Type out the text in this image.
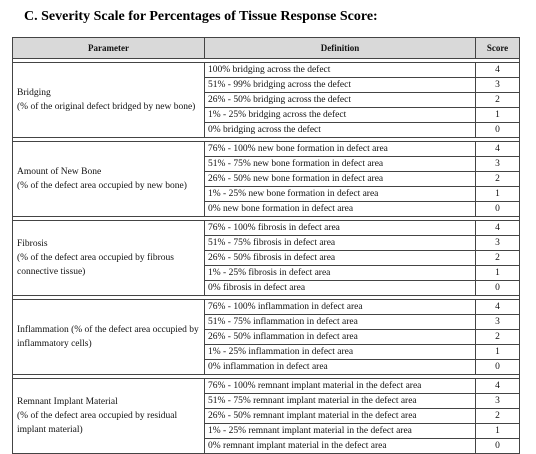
C. Severity Scale for Percentages of Tissue Response Score:
Parameter	Definition	Score

Bridging
(% of the original defect bridged by new bone)	100% bridging across the defect	4
	51% - 99% bridging across the defect	3
	26% - 50% bridging across the defect	2
	1% - 25% bridging across the defect	1
	0% bridging across the defect	0

Amount of New Bone
(% of the defect area occupied by new bone)	76% - 100% new bone formation in defect area	4
	51% - 75% new bone formation in defect area	3
	26% - 50% new bone formation in defect area	2
	1% - 25% new bone formation in defect area	1
	0% new bone formation in defect area	0

Fibrosis
(% of the defect area occupied by fibrous connective tissue)	76% - 100% fibrosis in defect area	4
	51% - 75% fibrosis in defect area	3
	26% - 50% fibrosis in defect area	2
	1% - 25% fibrosis in defect area	1
	0% fibrosis in defect area	0

Inflammation (% of the defect area occupied by inflammatory cells)	76% - 100% inflammation in defect area	4
	51% - 75% inflammation in defect area	3
	26% - 50% inflammation in defect area	2
	1% - 25% inflammation in defect area	1
	0% inflammation in defect area	0

Remnant Implant Material
(% of the defect area occupied by residual implant material)	76% - 100% remnant implant material in the defect area	4
	51% - 75% remnant implant material in the defect area	3
	26% - 50% remnant implant material in the defect area	2
	1% - 25% remnant implant material in the defect area	1
	0% remnant implant material in the defect area	0
